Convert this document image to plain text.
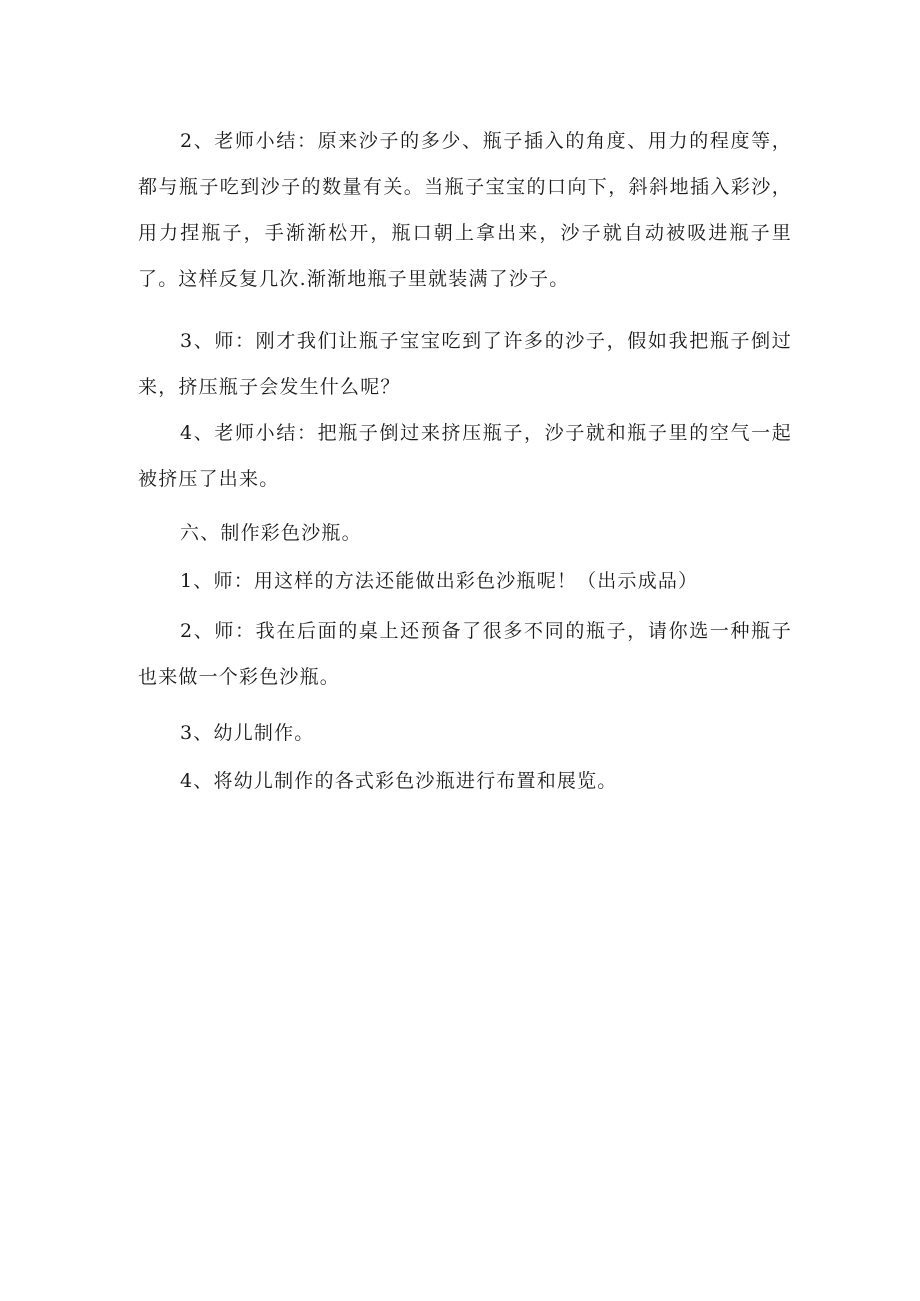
2、老师小结：原来沙子的多少、瓶子插入的角度、用力的程度等，都与瓶子吃到沙子的数量有关。当瓶子宝宝的口向下，斜斜地插入彩沙，用力捏瓶子，手渐渐松开，瓶口朝上拿出来，沙子就自动被吸进瓶子里了。这样反复几次.渐渐地瓶子里就装满了沙子。

3、师：刚才我们让瓶子宝宝吃到了许多的沙子，假如我把瓶子倒过来，挤压瓶子会发生什么呢？

4、老师小结：把瓶子倒过来挤压瓶子，沙子就和瓶子里的空气一起被挤压了出来。

六、制作彩色沙瓶。

1、师：用这样的方法还能做出彩色沙瓶呢！（出示成品）

2、师：我在后面的桌上还预备了很多不同的瓶子，请你选一种瓶子也来做一个彩色沙瓶。

3、幼儿制作。

4、将幼儿制作的各式彩色沙瓶进行布置和展览。
